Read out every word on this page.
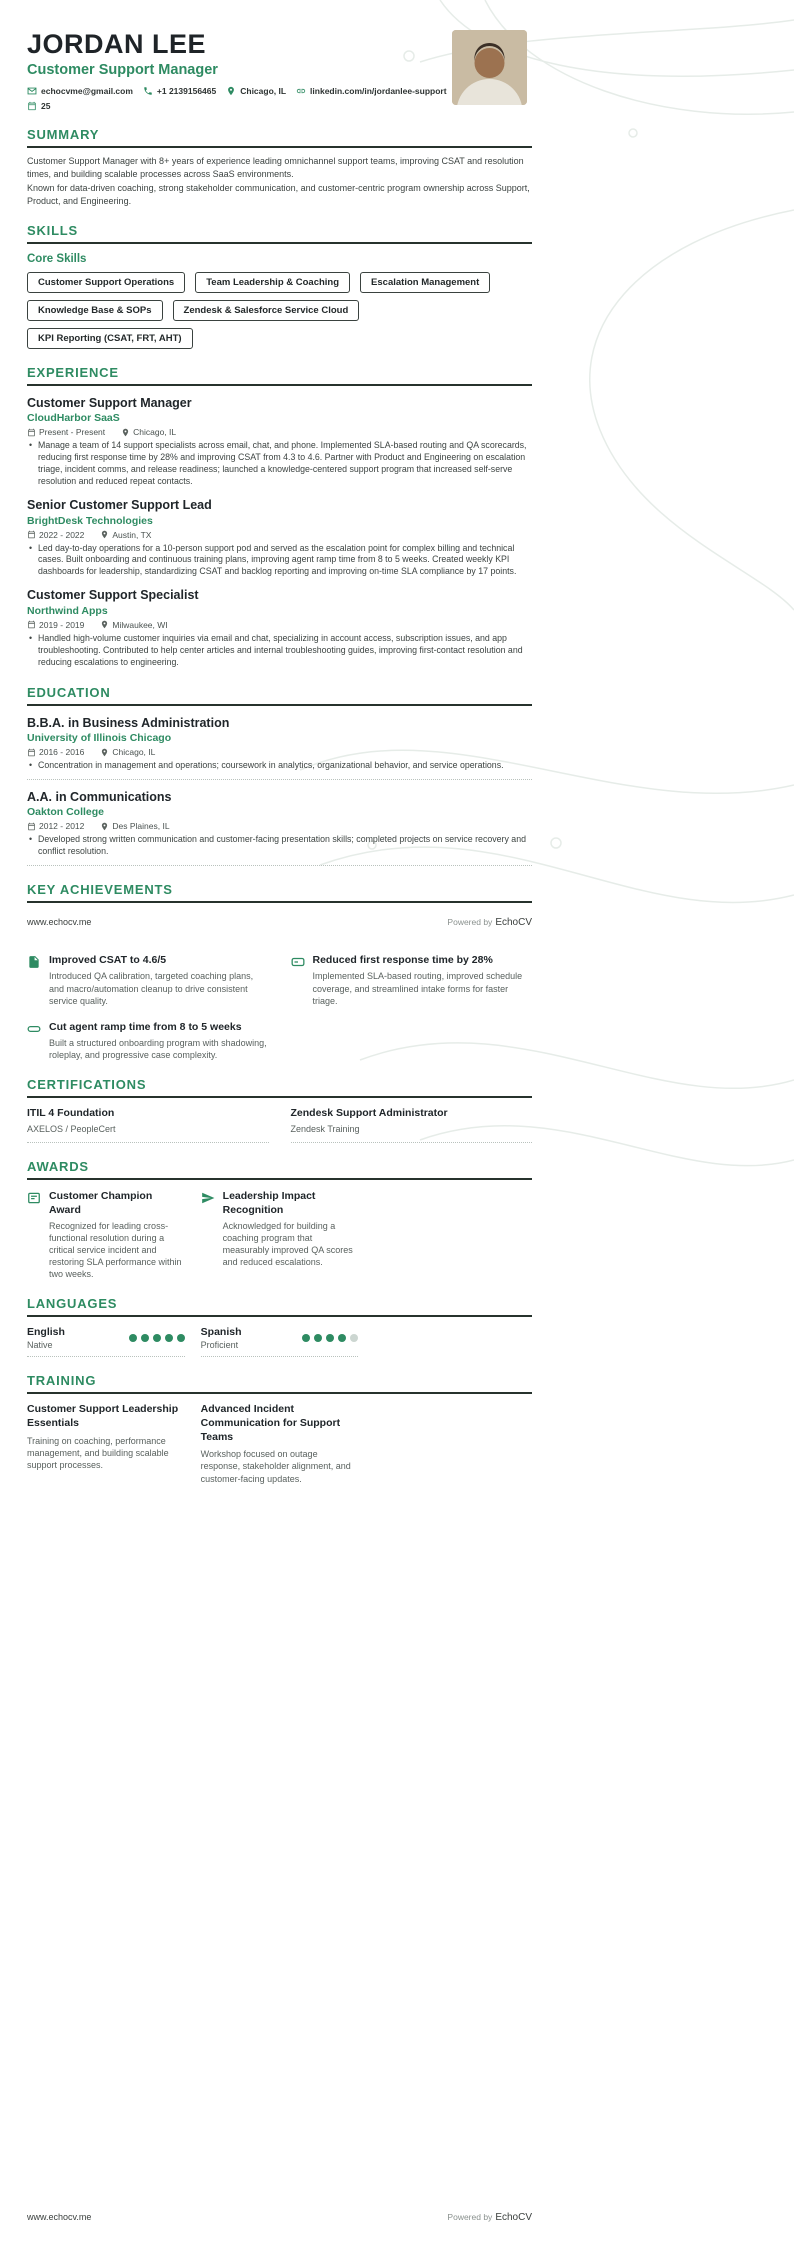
JORDAN LEE
Customer Support Manager
echocvme@gmail.com	+1 2139156465	Chicago, IL	linkedin.com/in/jordanlee-support
25
SUMMARY

Customer Support Manager with 8+ years of experience leading omnichannel support teams, improving CSAT and resolution times, and building scalable processes across SaaS environments.

Known for data-driven coaching, strong stakeholder communication, and customer-centric program ownership across Support, Product, and Engineering.

SKILLS
Core Skills
Customer Support Operations	Team Leadership & Coaching	Escalation Management
Knowledge Base & SOPs	Zendesk & Salesforce Service Cloud
KPI Reporting (CSAT, FRT, AHT)
EXPERIENCE
Customer Support Manager
CloudHarbor SaaS
Present - Present	Chicago, IL
• Manage a team of 14 support specialists across email, chat, and phone. Implemented SLA-based routing and QA scorecards, reducing first response time by 28% and improving CSAT from 4.3 to 4.6. Partner with Product and Engineering on escalation triage, incident comms, and release readiness; launched a knowledge-centered support program that increased self-serve resolution and reduced repeat contacts.
Senior Customer Support Lead
BrightDesk Technologies
2022 - 2022	Austin, TX
• Led day-to-day operations for a 10-person support pod and served as the escalation point for complex billing and technical cases. Built onboarding and continuous training plans, improving agent ramp time from 8 to 5 weeks. Created weekly KPI dashboards for leadership, standardizing CSAT and backlog reporting and improving on-time SLA compliance by 17 points.
Customer Support Specialist
Northwind Apps
2019 - 2019	Milwaukee, WI
• Handled high-volume customer inquiries via email and chat, specializing in account access, subscription issues, and app troubleshooting. Contributed to help center articles and internal troubleshooting guides, improving first-contact resolution and reducing escalations to engineering.
EDUCATION
B.B.A. in Business Administration
University of Illinois Chicago
2016 - 2016	Chicago, IL
• Concentration in management and operations; coursework in analytics, organizational behavior, and service operations.
A.A. in Communications
Oakton College
2012 - 2012	Des Plaines, IL
• Developed strong written communication and customer-facing presentation skills; completed projects on service recovery and conflict resolution.
KEY ACHIEVEMENTS
www.echocv.me	Powered by EchoCV
Improved CSAT to 4.6/5
Introduced QA calibration, targeted coaching plans, and macro/automation cleanup to drive consistent service quality.
Reduced first response time by 28%
Implemented SLA-based routing, improved schedule coverage, and streamlined intake forms for faster triage.
Cut agent ramp time from 8 to 5 weeks
Built a structured onboarding program with shadowing, roleplay, and progressive case complexity.
CERTIFICATIONS
ITIL 4 Foundation
AXELOS / PeopleCert
Zendesk Support Administrator
Zendesk Training
AWARDS
Customer Champion Award
Recognized for leading cross-functional resolution during a critical service incident and restoring SLA performance within two weeks.
Leadership Impact Recognition
Acknowledged for building a coaching program that measurably improved QA scores and reduced escalations.
LANGUAGES
English
Native
Spanish
Proficient
TRAINING
Customer Support Leadership Essentials
Training on coaching, performance management, and building scalable support processes.
Advanced Incident Communication for Support Teams
Workshop focused on outage response, stakeholder alignment, and customer-facing updates.
www.echocv.me	Powered by EchoCV
